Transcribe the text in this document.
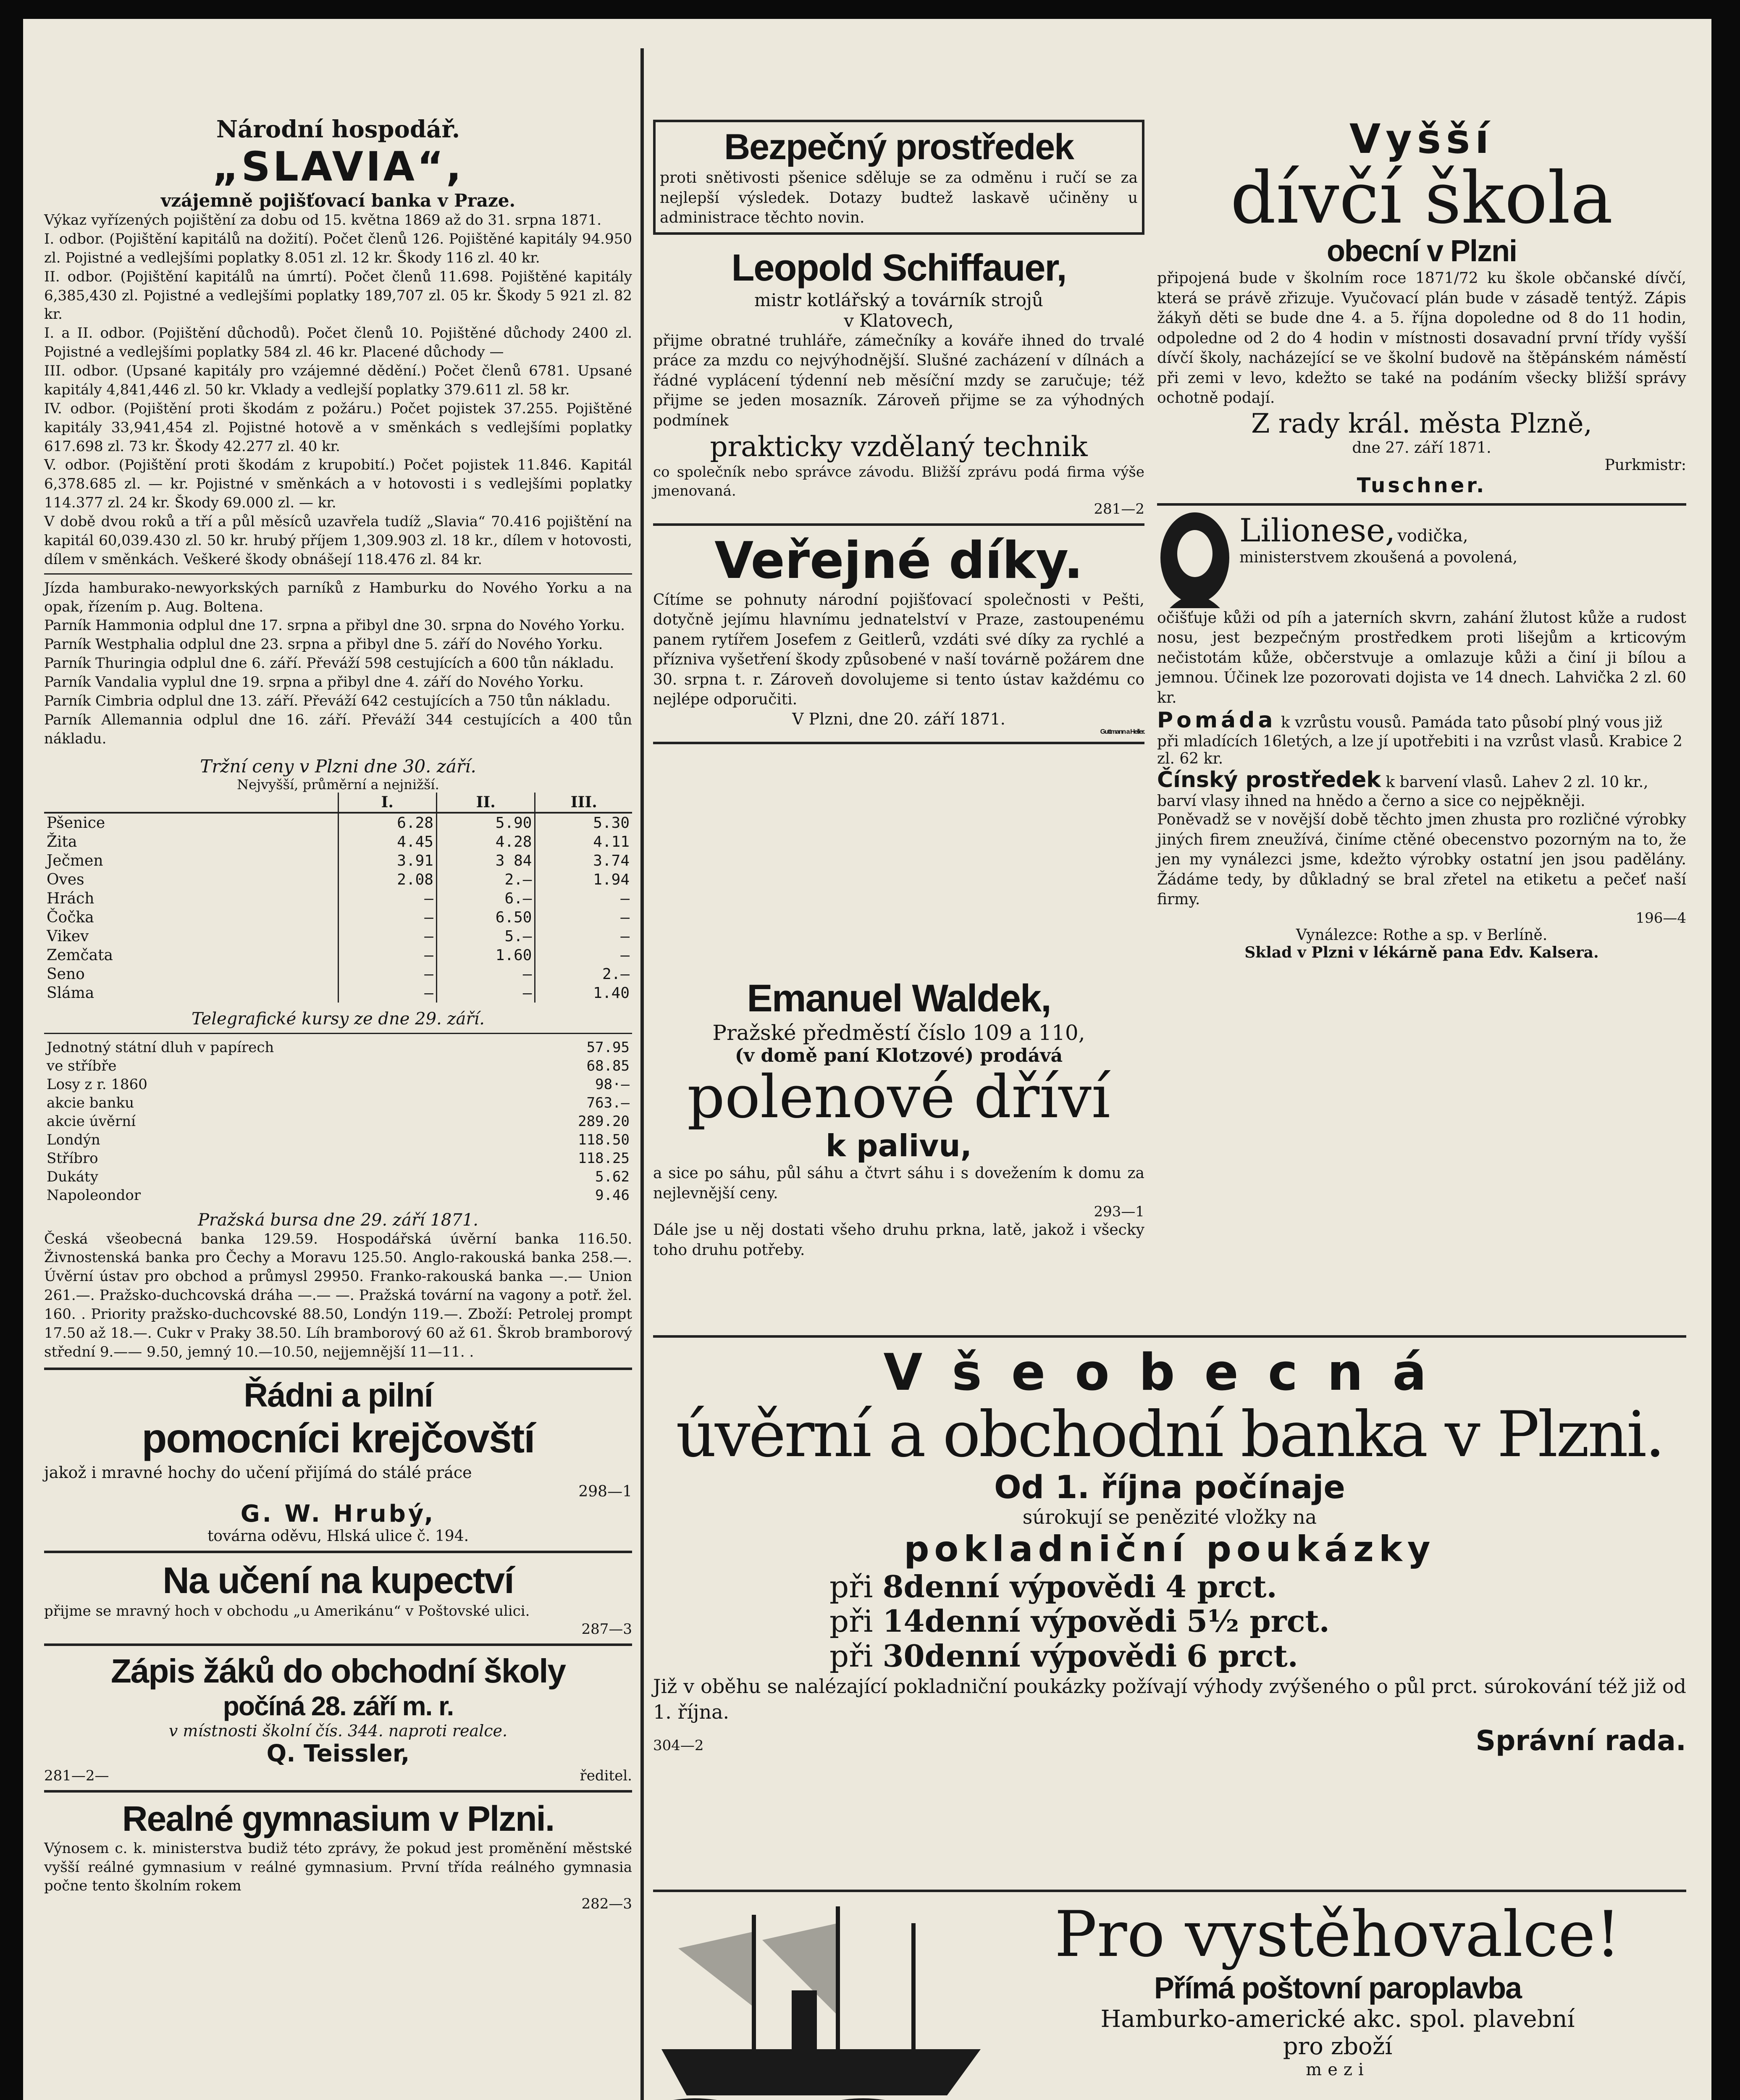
Národní hospodář.
„SLAVIA“,
vzájemně pojišťovací banka v Praze.

Výkaz vyřízených pojištění za dobu od 15. května 1869 až do 31. srpna 1871.

I. odbor. (Pojištění kapitálů na dožití). Počet členů 126. Pojištěné kapitály 94.950 zl. Pojistné a vedlejšími poplatky 8.051 zl. 12 kr. Škody 116 zl. 40 kr.

II. odbor. (Pojištění kapitálů na úmrtí). Počet členů 11.698. Pojištěné kapitály 6,385,430 zl. Pojistné a vedlejšími poplatky 189,707 zl. 05 kr. Škody 5 921 zl. 82 kr.

I. a II. odbor. (Pojištění důchodů). Počet členů 10. Pojištěné důchody 2400 zl. Pojistné a vedlejšími poplatky 584 zl. 46 kr. Placené důchody —

III. odbor. (Upsané kapitály pro vzájemné dědění.) Počet členů 6781. Upsané kapitály 4,841,446 zl. 50 kr. Vklady a vedlejší poplatky 379.611 zl. 58 kr.

IV. odbor. (Pojištění proti škodám z požáru.) Počet pojistek 37.255. Pojištěné kapitály 33,941,454 zl. Pojistné hotově a v směnkách s vedlejšími poplatky 617.698 zl. 73 kr. Škody 42.277 zl. 40 kr.

V. odbor. (Pojištění proti škodám z krupobití.) Počet pojistek 11.846. Kapitál 6,378.685 zl. — kr. Pojistné v směnkách a v hotovosti i s vedlejšími poplatky 114.377 zl. 24 kr. Škody 69.000 zl. — kr.

V době dvou roků a tří a půl měsíců uzavřela tudíž „Slavia“ 70.416 pojištění na kapitál 60,039.430 zl. 50 kr. hrubý příjem 1,309.903 zl. 18 kr., dílem v hotovosti, dílem v směnkách. Veškeré škody obnášejí 118.476 zl. 84 kr.

Jízda hamburako-newyorkských parníků z Hamburku do Nového Yorku a na opak, řízením p. Aug. Boltena.

Parník Hammonia odplul dne 17. srpna a přibyl dne 30. srpna do Nového Yorku.

Parník Westphalia odplul dne 23. srpna a přibyl dne 5. září do Nového Yorku.

Parník Thuringia odplul dne 6. září. Převáží 598 cestujících a 600 tůn nákladu.

Parník Vandalia vyplul dne 19. srpna a přibyl dne 4. září do Nového Yorku.

Parník Cimbria odplul dne 13. září. Převáží 642 cestujících a 750 tůn nákladu.

Parník Allemannia odplul dne 16. září. Převáží 344 cestujících a 400 tůn nákladu.

Tržní ceny v Plzni dne 30. září.
Nejvyšší, průměrní a nejnižší.
	I.	II.	III.
Pšenice	6.28	5.90	5.30
Žita	4.45	4.28	4.11
Ječmen	3.91	3 84	3.74
Oves	2.08	2.—	1.94
Hrách	—	6.—	—
Čočka	—	6.50	—
Vikev	—	5.—	—
Zemčata	—	1.60	—
Seno	—	—	2.—
Sláma	—	—	1.40
Telegrafické kursy ze dne 29. září.
Jednotný státní dluh v papírech	57.95
ve stříbře	68.85
Losy z r. 1860	98·—
akcie banku	763.—
akcie úvěrní	289.20
Londýn	118.50
Stříbro	118.25
Dukáty	5.62
Napoleondor	9.46
Pražská bursa dne 29. září 1871.

Česká všeobecná banka 129.59. Hospodářská úvěrní banka 116.50. Živnostenská banka pro Čechy a Moravu 125.50. Anglo-rakouská banka 258.—. Úvěrní ústav pro obchod a průmysl 29950. Franko-rakouská banka —.— Union 261.—. Pražsko-duchcovská dráha —.— —. Pražská tovární na vagony a potř. žel. 160. . Priority pražsko-duchcovské 88.50, Londýn 119.—. Zboží: Petrolej prompt 17.50 až 18.—. Cukr v Praky 38.50. Líh bramborový 60 až 61. Škrob bramborový střední 9.—— 9.50, jemný 10.—10.50, nejjemnější 11—11. .

Řádni a pilní
pomocníci krejčovští

jakož i mravné hochy do učení přijímá do stálé práce

298—1
G. W. Hrubý,
továrna oděvu, Hlská ulice č. 194.
Na učení na kupectví

přijme se mravný hoch v obchodu „u Amerikánu“ v Poštovské ulici.

287—3
Zápis žáků do obchodní školy
počíná 28. září m. r.
v místnosti školní čís. 344. naproti realce.
Q. Teissler,
281—2—	ředitel.
Realné gymnasium v Plzni.

Výnosem c. k. ministerstva budiž této zprávy, že pokud jest proměnění městské vyšší reálné gymnasium v reálné gymnasium. První třída reálného gymnasia počne tento školním rokem

282—3
Bezpečný prostředek

proti snětivosti pšenice sděluje se za odměnu i ručí se za nejlepší výsledek. Dotazy budtež laskavě učiněny u administrace těchto novin.

Leopold Schiffauer,
mistr kotlářský a továrník strojů
v Klatovech,

přijme obratné truhláře, zámečníky a kováře ihned do trvalé práce za mzdu co nejvýhodnější. Slušné zacházení v dílnách a řádné vyplácení týdenní neb měsíční mzdy se zaručuje; též přijme se jeden mosazník. Zároveň přijme se za výhodných podmínek

prakticky vzdělaný technik

co společník nebo správce závodu. Bližší zprávu podá firma výše jmenovaná.

281—2
Veřejné díky.

Cítíme se pohnuty národní pojišťovací společnosti v Pešti, dotyčně jejímu hlavnímu jednatelství v Praze, zastoupenému panem rytířem Josefem z Geitlerů, vzdáti své díky za rychlé a přízniva vyšetření škody způsobené v naší továrně požárem dne 30. srpna t. r. Zároveň dovolujeme si tento ústav každému co nejlépe odporučiti.

V Plzni, dne 20. září 1871.
Guttmann a Heller.
Vyšší
dívčí škola
obecní v Plzni

připojená bude v školním roce 1871/72 ku škole občanské dívčí, která se právě zřizuje. Vyučovací plán bude v zásadě tentýž. Zápis žákyň děti se bude dne 4. a 5. října dopoledne od 8 do 11 hodin, odpoledne od 2 do 4 hodin v místnosti dosavadní první třídy vyšší dívčí školy, nacházející se ve školní budově na štěpánském náměstí při zemi v levo, kdežto se také na podáním všecky bližší správy ochotně podají.

Z rady král. města Plzně,
dne 27. září 1871.
Purkmistr:
Tuschner.
Lilionese, vodička,
ministerstvem zkoušená a povolená,

očišťuje kůži od píh a jaterních skvrn, zahání žlutost kůže a rudost nosu, jest bezpečným prostředkem proti lišejům a krticovým nečistotám kůže, občerstvuje a omlazuje kůži a činí ji bílou a jemnou. Účinek lze pozorovati dojista ve 14 dnech. Lahvička 2 zl. 60 kr.

Pomáda k vzrůstu vousů. Pamáda tato působí plný vous již při mladících 16letých, a lze jí upotřebiti i na vzrůst vlasů. Krabice 2 zl. 62 kr.
Čínský prostředek k barvení vlasů. Lahev 2 zl. 10 kr., barví vlasy ihned na hnědo a černo a sice co nejpěkněji.

Poněvadž se v novější době těchto jmen zhusta pro rozličné výrobky jiných firem zneužívá, činíme ctěné obecenstvo pozorným na to, že jen my vynálezci jsme, kdežto výrobky ostatní jen jsou padělány. Žádáme tedy, by důkladný se bral zřetel na etiketu a pečeť naší firmy.

196—4
Vynálezce: Rothe a sp. v Berlíně.
Sklad v Plzni v lékárně pana Edv. Kalsera.
Emanuel Waldek,
Pražské předměstí číslo 109 a 110,
(v domě paní Klotzové) prodává
polenové dříví
k palivu,

a sice po sáhu, půl sáhu a čtvrt sáhu i s dovežením k domu za nejlevnější ceny.

293—1

Dále jse u něj dostati všeho druhu prkna, latě, jakož i všecky toho druhu potřeby.

Všeobecná
úvěrní a obchodní banka v Plzni.
Od 1. října počínaje
súrokují se penězité vložky na
pokladniční poukázky
při 8denní výpovědi 4 prct.
při 14denní výpovědi 5½ prct.
při 30denní výpovědi 6 prct.

Již v oběhu se nalézající pokladniční poukázky požívají výhody zvýšeného o půl prct. súrokování též již od 1. října.

304—2	Správní rada.
Pro vystěhovalce!
Přímá poštovní paroplavba
Hamburko-americké akc. spol. plavební
pro zboží
mezi
